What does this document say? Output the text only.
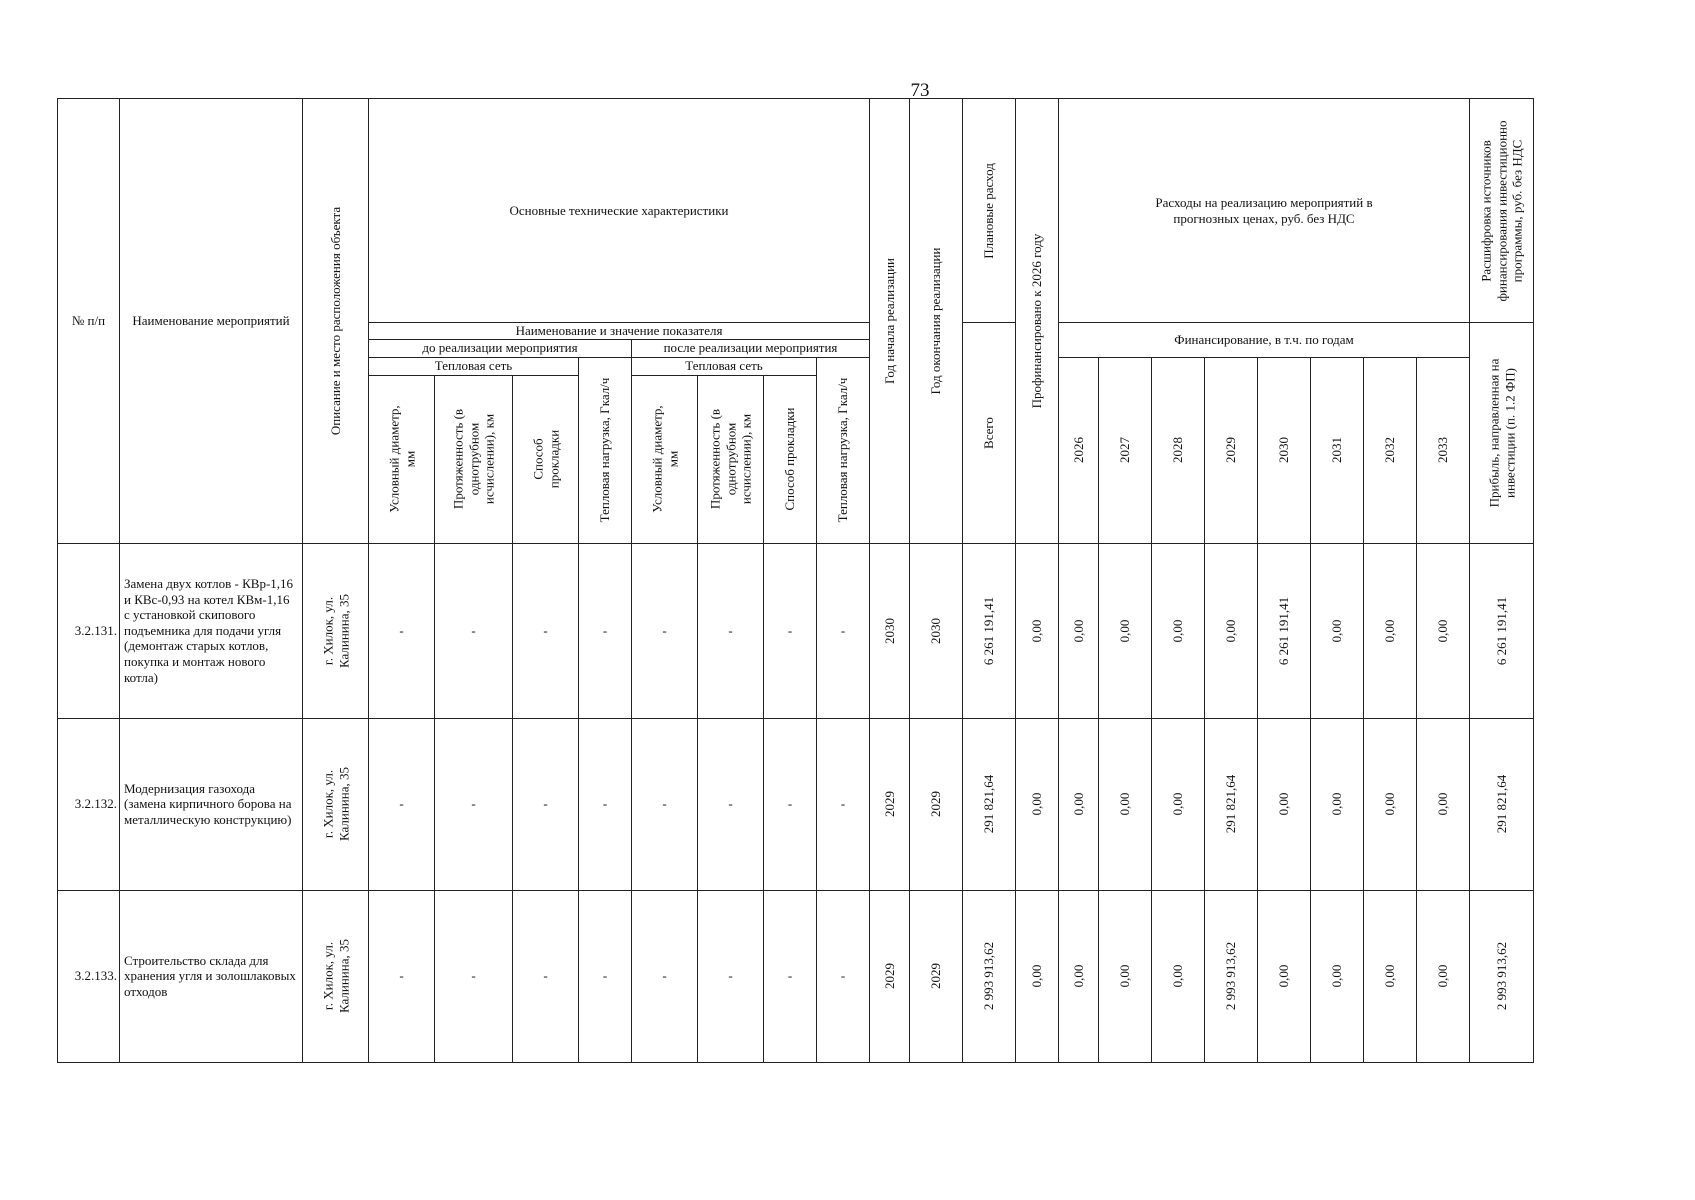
73
№ п/п	Наименование мероприятий	Описание и место расположения объекта	Основные технические характеристики								Год начала реализации	Год окончания реализации	Плановые расход	Профинансировано к 2026 году	Расходы на реализацию мероприятий в прогнозных ценах, руб. без НДС								Расшифровка источников финансирования инвестиционно программы, руб. без НДС

			Наименование и значение показателя										Всего		Финансирование, в т.ч. по годам								Прибыль, направленная на инвестиции (п. 1.2 ФП)

			до реализации мероприятия				после реализации мероприятия																
			Тепловая сеть			Тепловая нагрузка, Гкал/ч	Тепловая сеть			Тепловая нагрузка, Гкал/ч					2026	2027	2028	2029	2030	2031	2032	2033	

			Условный диаметр, мм	Протяженность (в однотрубном исчислении), км	Способ прокладки		Условный диаметр, мм	Протяженность (в однотрубном исчислении), км	Способ прокладки														

3.2.131.	Замена двух котлов - КВр-1,16 и КВс-0,93 на котел КВм-1,16 с установкой скипового подъемника для подачи угля (демонтаж старых котлов, покупка и монтаж нового котла)	г. Хилок, ул. Калинина, 35	-	-	-	-	-	-	-	-	2030	2030	6 261 191,41	0,00	0,00	0,00	0,00	0,00	6 261 191,41	0,00	0,00	0,00	6 261 191,41

3.2.132.	Модернизация газохода (замена кирпичного борова на металлическую конструкцию)	г. Хилок, ул. Калинина, 35	-	-	-	-	-	-	-	-	2029	2029	291 821,64	0,00	0,00	0,00	0,00	291 821,64	0,00	0,00	0,00	0,00	291 821,64

3.2.133.	Строительство склада для хранения угля и золошлаковых отходов	г. Хилок, ул. Калинина, 35	-	-	-	-	-	-	-	-	2029	2029	2 993 913,62	0,00	0,00	0,00	0,00	2 993 913,62	0,00	0,00	0,00	0,00	2 993 913,62
